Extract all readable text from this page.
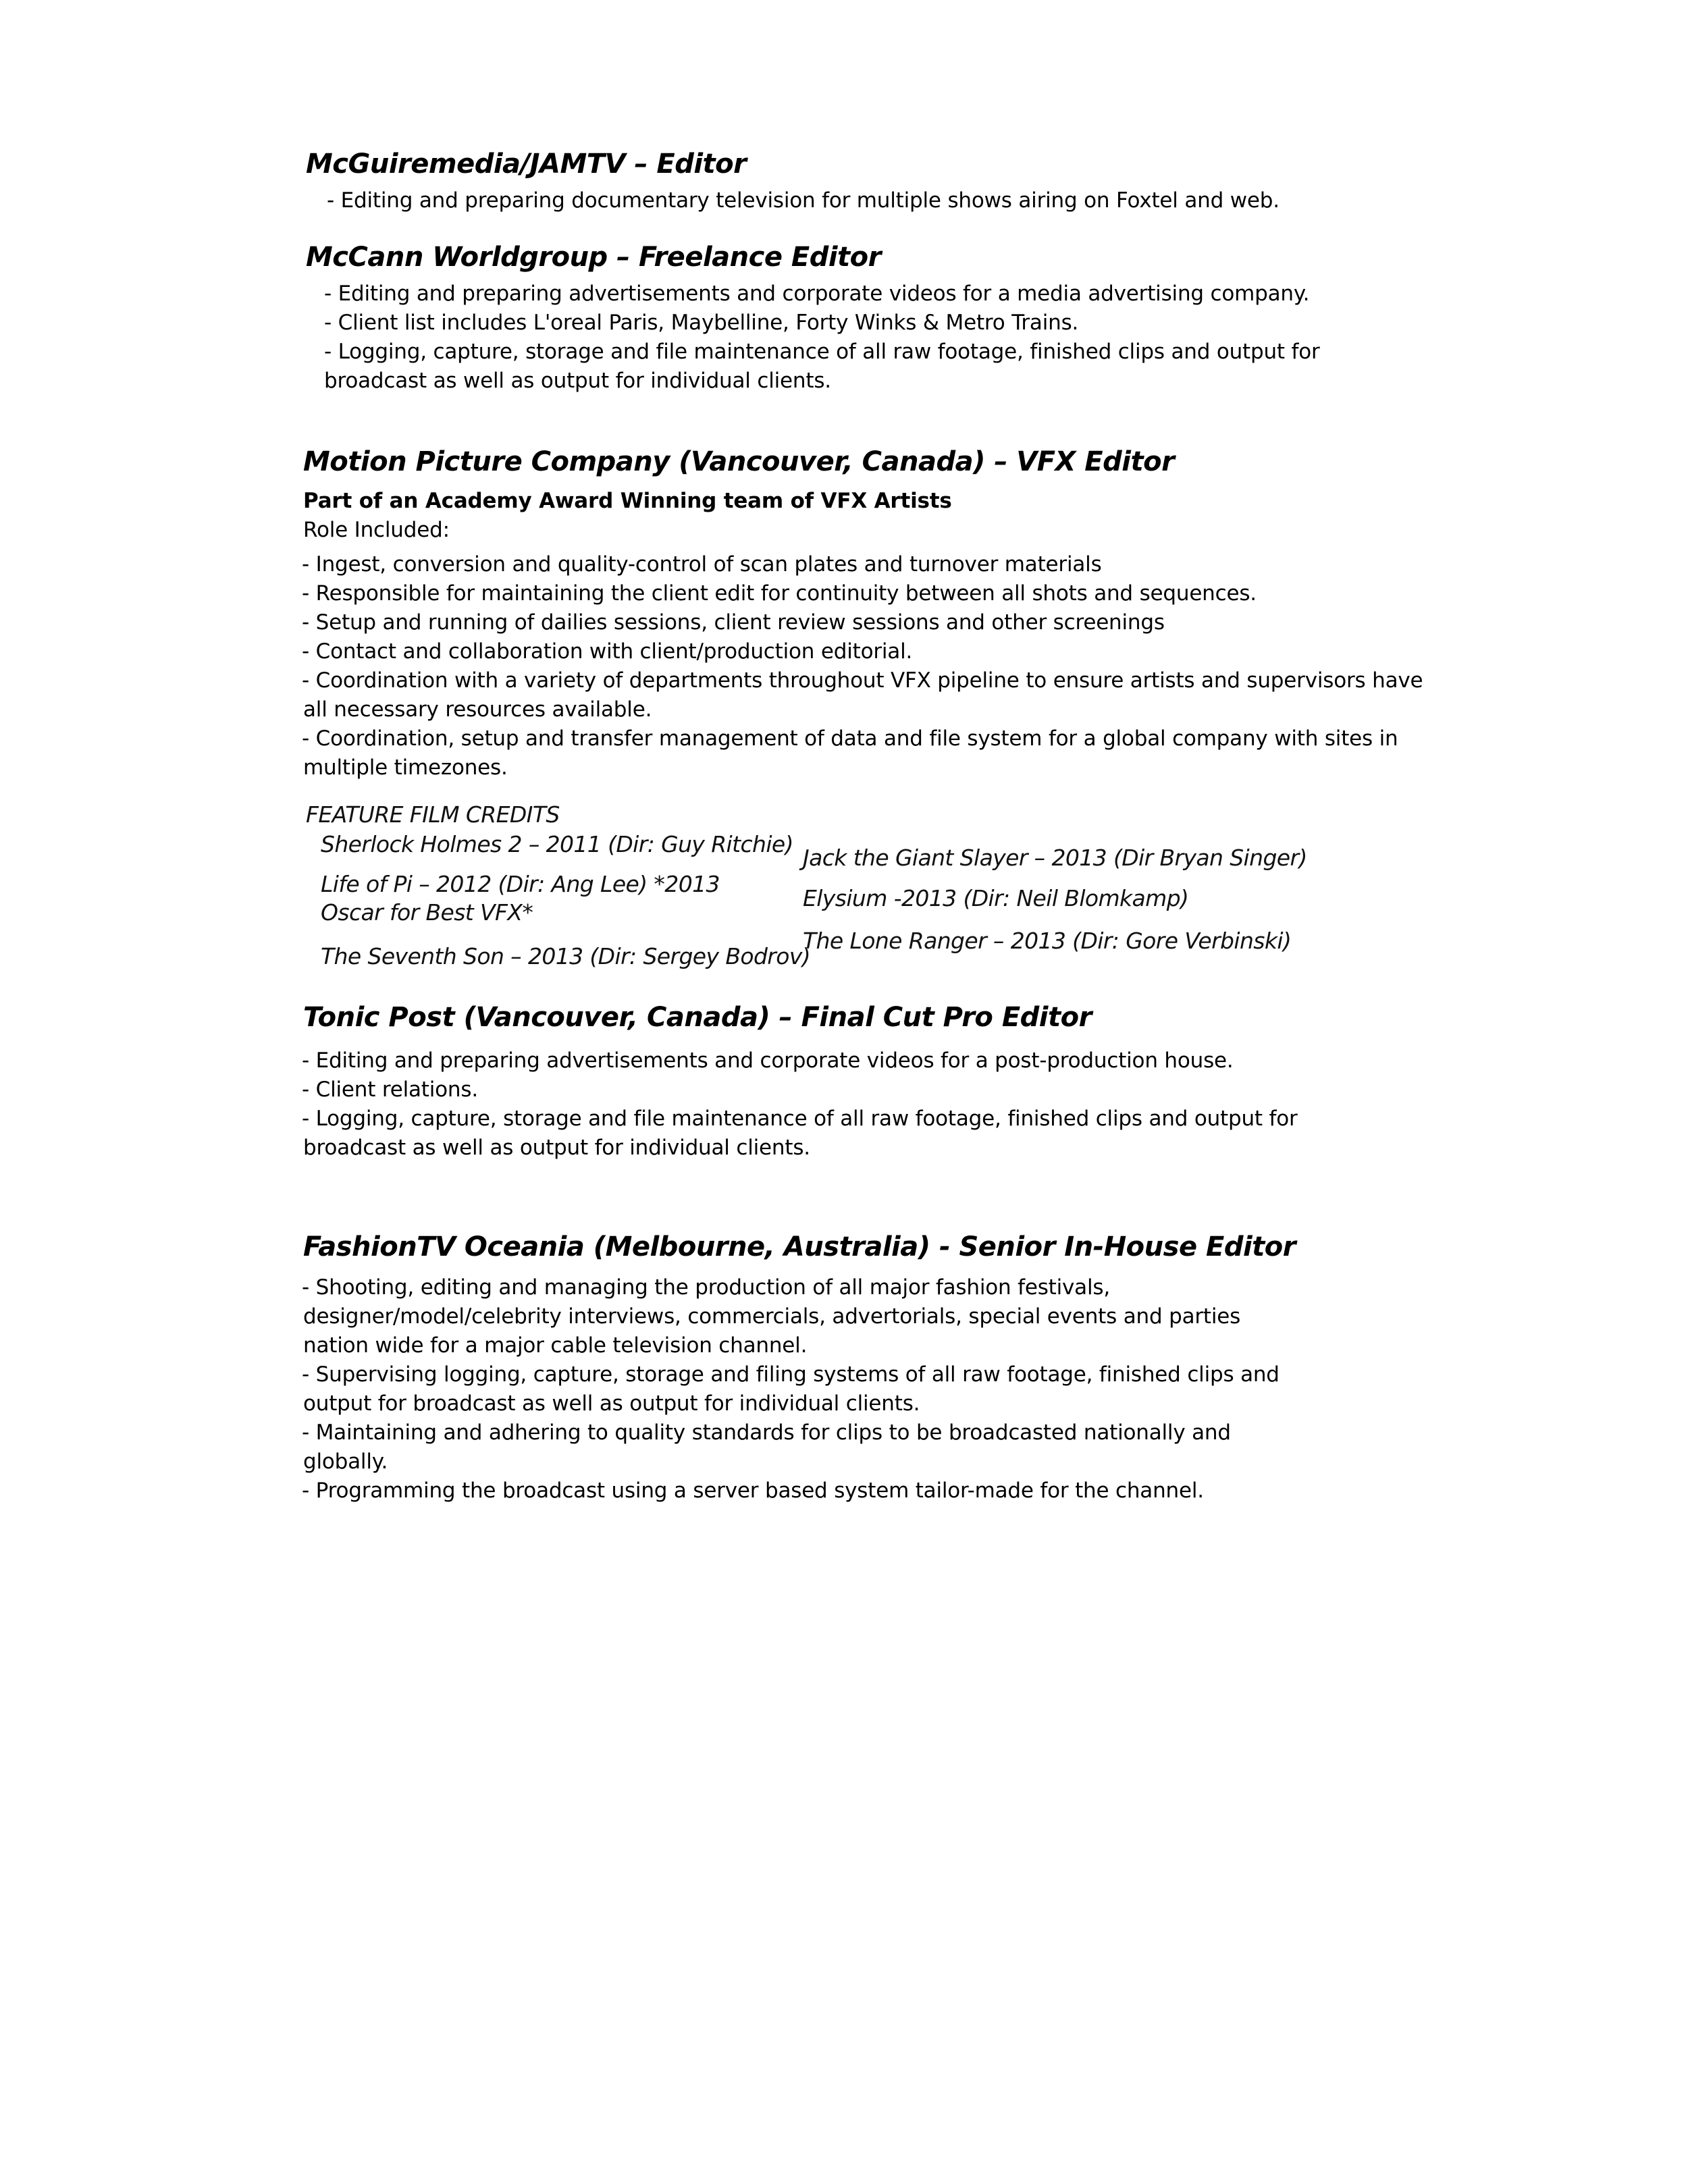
McGuiremedia/JAMTV – Editor
- Editing and preparing documentary television for multiple shows airing on Foxtel and web.
McCann Worldgroup – Freelance Editor
- Editing and preparing advertisements and corporate videos for a media advertising company.
- Client list includes L'oreal Paris, Maybelline, Forty Winks & Metro Trains.
- Logging, capture, storage and file maintenance of all raw footage, finished clips and output for
broadcast as well as output for individual clients.
Motion Picture Company (Vancouver, Canada) – VFX Editor
Part of an Academy Award Winning team of VFX Artists
Role Included:
- Ingest, conversion and quality-control of scan plates and turnover materials
- Responsible for maintaining the client edit for continuity between all shots and sequences.
- Setup and running of dailies sessions, client review sessions and other screenings
- Contact and collaboration with client/production editorial.
- Coordination with a variety of departments throughout VFX pipeline to ensure artists and supervisors have
all necessary resources available.
- Coordination, setup and transfer management of data and file system for a global company with sites in
multiple timezones.
FEATURE FILM CREDITS
Sherlock Holmes 2 – 2011 (Dir: Guy Ritchie)
Life of Pi – 2012 (Dir: Ang Lee) *2013
Oscar for Best VFX*
The Seventh Son – 2013 (Dir: Sergey Bodrov)
Jack the Giant Slayer – 2013 (Dir Bryan Singer)
Elysium -2013 (Dir: Neil Blomkamp)
The Lone Ranger – 2013 (Dir: Gore Verbinski)
Tonic Post (Vancouver, Canada) – Final Cut Pro Editor
- Editing and preparing advertisements and corporate videos for a post-production house.
- Client relations.
- Logging, capture, storage and file maintenance of all raw footage, finished clips and output for
broadcast as well as output for individual clients.
FashionTV Oceania (Melbourne, Australia) - Senior In-House Editor
- Shooting, editing and managing the production of all major fashion festivals,
designer/model/celebrity interviews, commercials, advertorials, special events and parties
nation wide for a major cable television channel.
- Supervising logging, capture, storage and filing systems of all raw footage, finished clips and
output for broadcast as well as output for individual clients.
- Maintaining and adhering to quality standards for clips to be broadcasted nationally and
globally.
- Programming the broadcast using a server based system tailor-made for the channel.
